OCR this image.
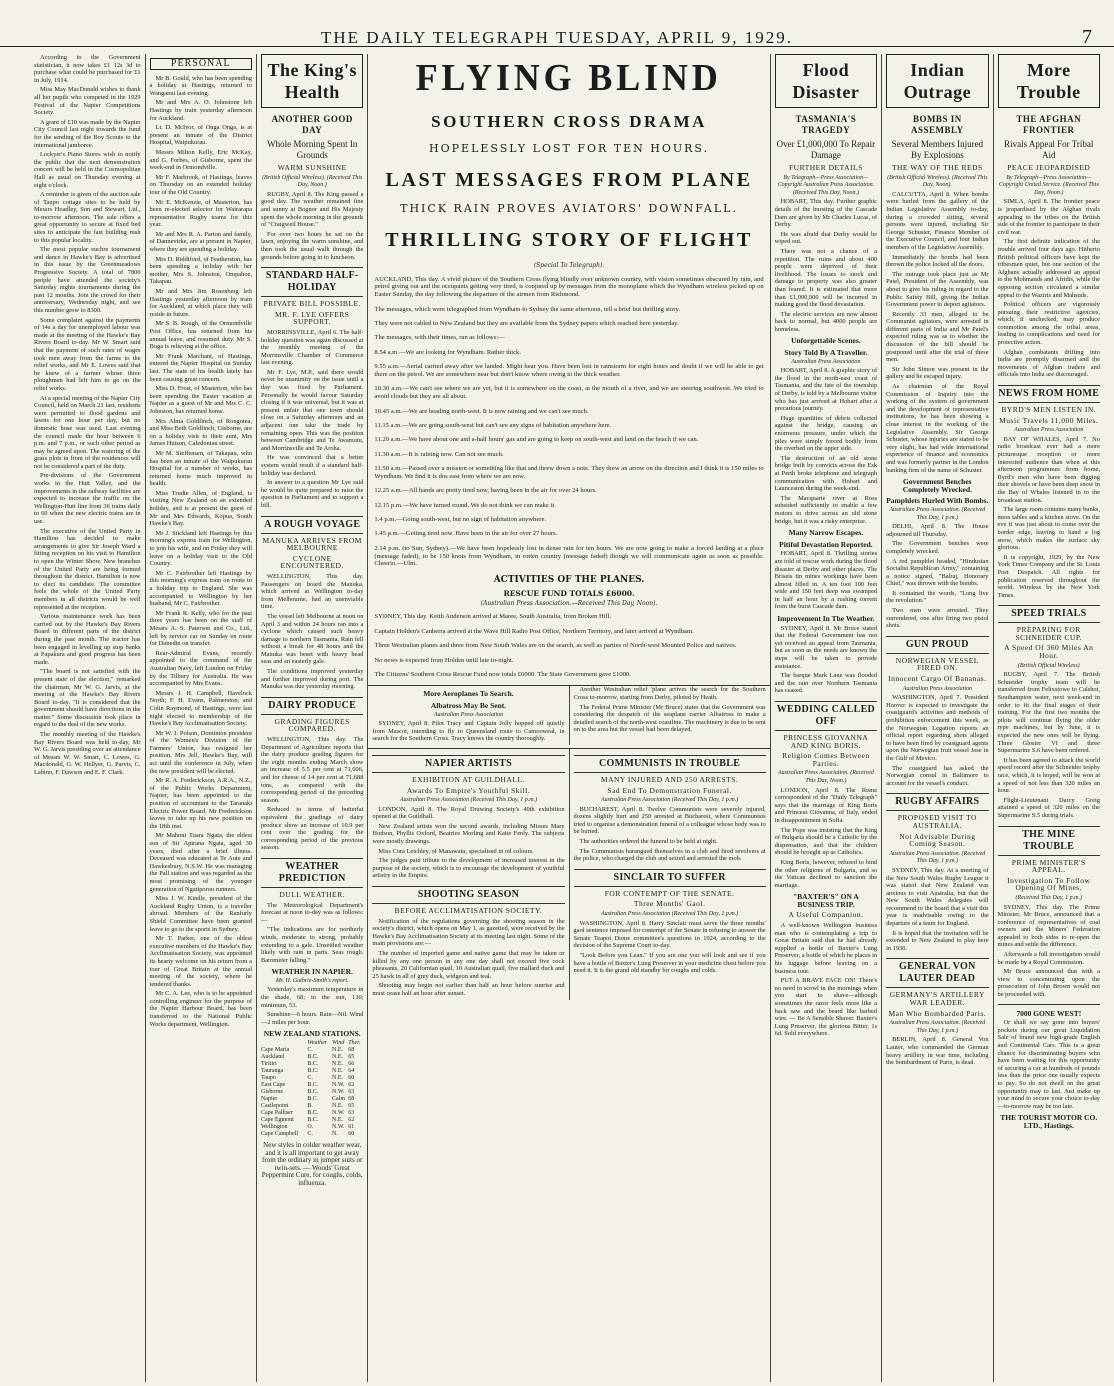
THE DAILY TELEGRAPH TUESDAY, APRIL 9, 1929.	7

According to the Government statistician, it now takes £1 12s 3d to purchase what could be purchased for £1 in July, 1914.

Miss May MacDonald wishes to thank all her pupils who competed in the 1929 Festival of the Napier Competitions Society.

A grant of £10 was made by the Napier City Council last night towards the fund for the sending of the Boy Scouts to the international jamboree.

Lockyer's Piano Stores wish to notify the public that the next demonstration concert will be held in the Cosmopolitan Hall as usual on Thursday evening at eight o'clock.

A reminder is given of the auction sale of Taupo cottage sites to be held by Messrs Hoadley, Son and Stewart, Ltd., to-morrow afternoon. The sale offers a great opportunity to secure at fixed bed sites to anticipate the fast building rush to this popular locality.

The most popular euchre tournament and dance in Hawke's Bay is advertised in this issue by the Greenmeadows Progressive Society. A total of 7800 people have attended the society's Saturday nights tournaments during the past 12 months. Join the crowd for their anniversary, Wednesday night, and see this number grow to 8300.

Some complaint against the payments of 14s a day for unemployed labour was made at the meeting of the Hawke's Bay Rivers Board to-day. Mr W. Smart said that the payment of such rates of wages took men away from the farms to the relief works, and Mr E. Lowes said that he knew of a farmer whose three ploughmen had left him to go on the relief works.

At a special meeting of the Napier City Council, held on March 21 last, residents were permitted to flood gardens and lawns for one hour per day, but no domestic hose was used. Last evening the council made the hour between 6 p.m. and 7 p.m., or such other period as may be agreed upon. The watering of the grass plots in front of the residences will not be considered a part of the duty.

Pre-divisions of the Government works in the Hutt Valley, and the improvements in the railway facilities are expected to increase the traffic on the Wellington-Hutt line from 36 trains daily to 60 when the new electric trains are in use.

The executive of the United Party in Hamilton has decided to make arrangements to give Sir Joseph Ward a fitting reception on his visit to Hamilton to open the Winter Show. New branches of the United Party are being formed throughout the district. Hamilton is now to elect its candidate. The committee feels the whole of the United Party members in all districts would be well represented at the reception.

Various maintenance work has been carried out by the Hawke's Bay Rivers Board in different parts of the district during the past month. The tractor has been engaged in levelling up stop banks at Papakura and good progress has been made.

"The board is not satisfied with the present state of the election," remarked the chairman, Mr W. G. Jarvis, at the meeting of the Hawke's Bay Rivers Board to-day. "It is considered that the government should have directions in the matter." Some discussion took place in regard to the deal of the new works.

The monthly meeting of the Hawke's Bay Rivers Board was held to-day, Mr W. G. Jarvis presiding over an attendance of Messrs W. W. Smart, C. Lowes, G. Macdonald, G. W. Hellyer, G. Parvis, C. Labino, F. Dawson and E. F. Clark.

PERSONAL

Mr B. Gould, who has been spending a holiday at Hastings, returned to Wanganui last evening.

Mr and Mrs A. O. Johnstone left Hastings by train yesterday afternoon for Auckland.

Lt. D. McIvor, of Onga Onga, is at present an inmate of the District Hospital, Waipukurau.

Messrs Milton Kelly, Eric McKay, and G. Forbes, of Gisborne, spent the week-end in Ormondville.

Mr F. Marbrook, of Hastings, leaves on Thursday on an extended holiday tour of the Old Country.

Mr E. McKenzie, of Masterton, has been re-elected selector for Wairarapa representative Rugby teams for this year.

Mr and Mrs R. A. Parton and family, of Dannevirke, are at present in Napier, where they are spending a holiday.

Mrs D. Riddiford, of Featherston, has been spending a holiday with her mother, Mrs S. Johnston, Ompahoe, Takapau.

Mr and Mrs Jim Rosenberg left Hastings yesterday afternoon by train for Auckland, at which place they will reside in future.

Mr S. B. Rough, of the Ormondville Post Office, has returned from his annual leave, and resumed duty. Mr S. Boga is relieving at the office.

Mr Frank Marchant, of Hastings, entered the Napier Hospital on Sunday last. The state of his health lately has been causing great concern.

Miss D. Frost, of Masterton, who has been spending the Easter vacation at Napier as a guest of Mr and Mrs C. C. Johnston, has returned home.

Mrs Alma Goldfinch, of Rongotea, and Miss Beth Goldfinch, Gisborne, are on a holiday visit to their aunt, Mrs James Hutson, Caledonian street.

Mr M. Steffensen, of Takapau, who has been an inmate of the Waipukurau Hospital for a number of weeks, has returned home much improved in health.

Miss Trudie Allen, of England, is visiting New Zealand on an extended holiday, and is at present the guest of Mr and Mrs Edwards, Kopua, South Hawke's Bay.

Mr J. Stickland left Hastings by this morning's express train for Wellington, to join his wife, and on Friday they will leave on a holiday visit to the Old Country.

Mr C. Fairbrother left Hastings by this morning's express train on route to a holiday trip to England. She was accompanied to Wellington by her husband, Mr C. Fairbrother.

Mr Frank R. Kelly, who for the past three years has been on the staff of Messrs A. S. Paterson and Co., Ltd., left by service car on Sunday en route for Dunedin on transfer.

Rear-Admiral Evans, recently appointed to the command of the Australian Navy, left London on Friday by the Tilbury for Australia. He was accompanied by Mrs Evans.

Messrs J. H. Campbell, Havelock North; F. H. Evans, Palmerston, and Colin Raymond, of Hastings, were last night elected to membership of the Hawke's Bay Acclimatisation Society.

Mr W. J. Polson, Dominion president of the Women's Division of the Farmers' Union, has resigned her position. Mrs Jell, Hawke's Bay, will act until the conference in July, when the new president will be elected.

Mr R. A. Frederickson, A.R.A., N.Z., of the Public Works Department, Napier, has been appointed to the position of accountant to the Taranaki Electric Power Board. Mr Frederickson leaves to take up his new position on the 18th inst.

Mr Mahoni Tuara Ngata, the eldest son of Sir Apirana Ngata, aged 30 years, died after a brief illness. Deceased was educated at Te Aute and Hawkesbury, N.S.W. He was managing the Pall station and was regarded as the most promising of the younger generation of Ngatiporou runners.

Miss J. W. Kindle, president of the Auckland Rugby Union, is a traveller abroad. Members of the Ranfurly Shield Committee have been granted leave to go to the sports in Sydney.

Mr T. Parker, one of the oldest executive members of the Hawke's Bay Acclimatisation Society, was appointed its hearty welcome on his return from a tour of Great Britain at the annual meeting of the society, where he tendered thanks.

Mr C. A. Lee, who is to be appointed controlling engineer for the purpose of the Napier Harbour Board, has been transferred to the National Public Works department, Wellington.

The King's Health
ANOTHER GOOD DAY
Whole Morning Spent In Grounds
WARM SUNSHINE
(British Official Wireless). (Received This Day, Noon.)

RUGBY, April 8. The King passed a good day. The weather remained fine and sunny at Bognor and His Majesty spent the whole morning in the grounds of "Craigweil House."

For over two hours he sat on the lawn, enjoying the warm sunshine, and then took the usual walk through the grounds before going in to luncheon.

STANDARD HALF-HOLIDAY
PRIVATE BILL POSSIBLE.
MR. F. LYE OFFERS SUPPORT.

MORRINSVILLE, April 6. The half-holiday question was again discussed at the monthly meeting of the Morrinsville Chamber of Commerce last evening.

Mr F. Lye, M.P., said there would never be unanimity on the issue until a day was fixed by Parliament. Personally he would favour Saturday closing if it was universal, but it was at present unfair that one town should close on a Saturday afternoon and an adjacent one take the trade by remaining open. This was the position between Cambridge and Te Awamutu, and Morrinsville and Te Aroha.

He was convinced that a better system would result if a standard half-holiday was declared.

In answer to a question Mr Lye said he would be quite prepared to raise the question in Parliament and to support a bill.

A ROUGH VOYAGE
MANUKA ARRIVES FROM MELBOURNE
CYCLONE ENCOUNTERED.

WELLINGTON, This day. Passengers on board the Manuka, which arrived at Wellington to-day from Melbourne, had an unenviable time.

The vessel left Melbourne at noon on April 3 and within 24 hours ran into a cyclone which caused such heavy damage to northern Tasmania. Rain fell without a break for 48 hours and the Manuka was beset with heavy head seas and an easterly gale.

The conditions improved yesterday and further improved during port. The Manuka was due yesterday morning.

DAIRY PRODUCE
GRADING FIGURES COMPARED.

WELLINGTON, This day. The Department of Agriculture reports that the dairy produce grading figures for the eight months ending March show an increase of 5.5 per cent at 71,606, and for cheese of 14 per cent at 71,688 tons, as compared with the corresponding period of the preceding season.

Reduced to terms of butterfat equivalent the gradings of dairy produce show an increase of 10.9 per cent over the grading for the corresponding period of the previous season.

WEATHER PREDICTION
DULL WEATHER.

The Meteorological Department's forecast at noon to-day was as follows:—

"The indications are for northerly winds, moderate to strong, probably extending to a gale. Unsettled weather likely with rain in parts. Seas rough. Barometer falling."

WEATHER IN NAPIER.
Mr. H. Guthrie-Smith's report.

Yesterday's maximum temperature in the shade, 68; in the sun, 130; minimum, 53.

Sunshine—6 hours. Rain—Nil. Wind—2 miles per hour.

NEW ZEALAND STATIONS.
	Weather	Wind	Ther.
Cape Maria	C.	N.E.	68
Auckland	B.C.	N.E.	65
Tiritiri	B.C.	N.E.	66
Tauranga	B.C.	N.E.	64
Taupo	C.	N.E.	60
East Cape	B.C.	N.W.	62
Gisborne	B.C.	N.W.	63
Napier	B.C.	Calm	68
Castlepoint	B.	N.E.	65
Cape Palliser	B.C.	N.W.	63
Cape Egmont	B.C.	N.E.	62
Wellington	O.	N.W.	61
Cape Campbell	C.	N.	60
New styles in colder weather wear, and it is all important to get away from the ordinary in jumper suits or twin-sets. — Woods' Great Peppermint Cure, for coughs, colds, influenza.
FLYING BLIND
SOUTHERN CROSS DRAMA
HOPELESSLY LOST FOR TEN HOURS.
LAST MESSAGES FROM PLANE
THICK RAIN PROVES AVIATORS' DOWNFALL.
THRILLING STORY OF FLIGHT
(Special To Telegraph).

AUCKLAND, This day. A vivid picture of the Southern Cross flying blindly over unknown country, with vision sometimes obscured by rain, and petrol giving out and the occupants getting very tired, is conjured up by messages from the monoplane which the Wyndham wireless picked up on Easter Sunday, the day following the departure of the airmen from Richmond.

The messages, which were telegraphed from Wyndham to Sydney the same afternoon, tell a brief but thrilling story.

They were not cabled to New Zealand but they are available from the Sydney papers which reached here yesterday.

The messages, with their times, ran as follows:—

8.54 a.m.—We are looking for Wyndham. Rather thick.

9.55 a.m.—Aerial carried away after we landed. Might hear you. Have been lost in rainstorm for eight hours and doubt if we will be able to get there on the petrol. We are somewhere near but don't know where owing to the thick weather.

10.30 a.m.—We can't see where we are yet, but it is somewhere on the coast, at the mouth of a river, and we are steering southwest. We tried to avoid clouds but they are all about.

10.45 a.m.—We are heading north-west. It is now raining and we can't see much.

11.15 a.m.—We are going south-west but can't see any signs of habitation anywhere here.

11.20 a.m.—We have about one and a-half hours' gas and are going to keep on south-west and land on the beach if we can.

11.30 a.m.—It is raining now. Can not see much.

11.50 a.m.—Passed over a mission or something like that and threw down a note. They drew an arrow on the direction and I think it is 150 miles to Wyndham. We find it is dos east from where we are now.

12.25 a.m.—All hands are pretty tired now, having been in the air for over 24 hours.

12.15 p.m.—We have turned round. We do not think we can make it.

1.4 p.m.—Going south-west, but no sign of habitation anywhere.

1.45 p.m.—Getting tired now. Have been in the air for over 27 hours.

2.14 p.m. (to Sun, Sydney).—We have been hopelessly lost in dense rain for ten hours. We are now going to make a forced landing at a place (message faded), to be 150 knots from Wyndham, in rotten country (message faded) though we will communicate again as soon as possible. Cheerio.—Ulm.

ACTIVITIES OF THE PLANES.
RESCUE FUND TOTALS £6000.
(Australian Press Association.—Received This Day, Noon).

SYDNEY, This day. Keith Anderson arrived at Maree, South Australia, from Broken Hill.

Captain Holden's Canberra arrived at the Wave Hill Radio Post Office, Northern Territory, and later arrived at Wyndham.

Three Westralian planes and three from New South Wales are on the search, as well as parties of North-west Mounted Police and natives.

No news is expected from Holden until late to-night.

The Citizens' Southern Cross Rescue Fund now totals £6000. The State Government gave £1000.

More Aeroplanes To Search.
Albatross May Be Sent.
Australian Press Association

SYDNEY, April 8. Pilot Tracy and Captain Jolly hopped off quietly from Mascot, intending to fly to Queensland route to Camooweal, in search for the Southern Cross. Tracy knows the country thoroughly.

Another Westralian relief 'plane arrives the search for the Southern Cross to-morrow, starting from Derby, piloted by Heath.

The Federal Prime Minister (Mr Bruce) states that the Government was considering the despatch of the seaplane carrier Albatross to make a detailed search of the north-west coastline. The machinery is due to be sent on to the area but the vessel had been delayed.

NAPIER ARTISTS
EXHIBITION AT GUILDHALL.
Awards To Empire's Youthful Skill.
Australian Press Association (Received This Day, 1 p.m.)

LONDON, April 8. The Royal Drawing Society's 40th exhibition opened at the Guildhall.

New Zealand artists won the second awards, including Misses Mary Hodson, Phyllis Oxford, Beatrice Morling and Katie Fenly. The subjects were mostly drawings.

Miss Cora Leichley, of Manawatu, specialised in oil colours.

The judges paid tribute to the development of increased interest in the purpose of the society, which is to encourage the development of youthful artistry in the Empire.

SHOOTING SEASON
BEFORE ACCLIMATISATION SOCIETY.

Notification of the regulations governing the shooting season in the society's district, which opens on May 1, as gazetted, were received by the Hawke's Bay Acclimatisation Society at its meeting last night. Some of the main provisions are:—

The number of imported game and native game that may be taken or killed by any one person in any one day shall not exceed five cock pheasants, 20 Californian quail, 10 Australian quail, five mallard duck and 25 hawk in all of grey duck, widgeon and teal.

Shooting may begin not earlier than half an hour before sunrise and must cease half an hour after sunset.

COMMUNISTS IN TROUBLE
MANY INJURED AND 250 ARRESTS.
Sad End To Demonstration Funeral.
Australian Press Association (Received This Day, 1 p.m.)

BUCHAREST, April 8. Twelve Communists were severely injured, dozens slightly hurt and 250 arrested at Bucharest, where Communists tried to organise a demonstration funeral of a colleague whose body was to be buried.

The authorities ordered the funeral to be held at night.

The Communists harangued themselves in a club and fired revolvers at the police, who charged the club and seized and arrested the mob.

SINCLAIR TO SUFFER
FOR CONTEMPT OF THE SENATE.
Three Months' Gaol.
Australian Press Association (Received This Day, 1 p.m.)

WASHINGTON, April 8. Harry Sinclair must serve the three months' gaol sentence imposed for contempt of the Senate in refusing to answer the Senate Teapot Dome committee's questions in 1924, according to the decision of the Supreme Court to-day.

"Look Before you Lean." If you are one you will look and see if you have a bottle of Baxter's Lung Preserver in your medicine chest before you need it. It is the grand old standby for coughs and colds.

Flood Disaster
TASMANIA'S TRAGEDY
Over £1,000,000 To Repair Damage
FURTHER DETAILS
By Telegraph—Press Association—Copyright Australian Press Association. (Received This Day, Noon.)

HOBART, This day. Further graphic details of the bursting of the Cascade Dam are given by Mr Charles Lucas, of Derby.

He was afraid that Derby would be wiped out.

There was not a chance of a repetition. The ruins and about 400 people were deprived of their livelihood. The losses to stock and damage to property was also greater than feared. It is estimated that more than £1,000,000 will be incurred in making good the flood devastation.

The electric services are now almost back to normal, but 4000 people are homeless.

Unforgettable Scenes.
Story Told By A Traveller.
Australian Press Association

HOBART, April 8. A graphic story of the flood in the north-east coast of Tasmania, and the fate of the township of Derby, is told by a Melbourne visitor who has just arrived at Hobart after a precarious journey.

Huge quantities of debris collected against the bridge, causing an enormous pressure, under which the piles were simply forced bodily from the riverbed on the upper side.

The destruction of an old stone bridge built by convicts across the Esk at Perth broke telephone and telegraph communication with Hobart and Launceston during the week-end.

The Macquarie river at Ross subsided sufficiently to enable a few motors to drive across an old stone bridge, but it was a risky enterprise.

Many Narrow Escapes.
Pitiful Devastation Reported.

HOBART, April 8. Thrilling stories are told of rescue work during the flood disaster at Derby and other places. The Briseis tin mines workings have been almost filled in. A ten foot 100 feet wide and 150 feet deep was swamped in half an hour by a rushing torrent from the burst Cascade dam.

Improvement In The Weather.

SYDNEY, April 8. Mr Bruce stated that the Federal Government has not yet received an appeal from Tasmania, but as soon as the needs are known the steps will be taken to provide assistance.

The barque Mark Lane was flooded and the rain over Northern Tasmania has ceased.

WEDDING CALLED OFF
PRINCESS GIOVANNA AND KING BORIS.
Religion Comes Between Parties.
Australian Press Association. (Received This Day, Noon.)

LONDON, April 8. The Rome correspondent of the "Daily Telegraph" says that the marriage of King Boris and Princess Giovanna, of Italy, ended in disappointment in Sofia.

The Pope was insisting that the King of Bulgaria should be a Catholic by the dispensation, and that the children should be brought up as Catholics.

King Boris, however, refused to bind the other religions of Bulgaria, and so the Vatican declined to sanction the marriage.

"BAXTER'S" ON A BUSINESS TRIP.
A Useful Companion.

A well-known Wellington business man who is contemplating a trip to Great Britain said that he had already supplied a bottle of Baxter's Lung Preserver, a bottle of which he places in his luggage before leaving on a business tour.

PUT A BRAVE FACE ON! There's no need to scowl in the mornings when you start to shave—although sometimes the razor feels more like a back saw and the beard like barbed wire. — Be A Sensible Shaver. Baxter's Lung Preserver, the glorious Bitter, 1s 6d. Sold everywhere.

Indian Outrage
BOMBS IN ASSEMBLY
Several Members Injured By Explosions
THE WAY OF THE REDS
(British Official Wireless). (Received This Day, Noon).

CALCUTTA, April 8. When bombs were hurled from the gallery of the Indian Legislative Assembly to-day, during a crowded sitting, several persons were injured, including Sir George Schuster, Finance Member of the Executive Council, and four Indian members of the Legislative Assembly.

Immediately the bombs had been thrown the police locked all the doors.

The outrage took place just as Mr Patel, President of the Assembly, was about to give his ruling in regard to the Public Safety Bill, giving the Indian Government power to deport agitators.

Recently 33 men, alleged to be Communist agitators, were arrested in different parts of India and Mr Patel's expected ruling was as to whether the discussion of the bill should be postponed until after the trial of these men.

Sir John Simon was present in the gallery and he escaped injury.

As chairman of the Royal Commission of Inquiry into the working of the system of government and the development of representative institutions, he has been showing a close interest in the working of the Legislative Assembly. Sir George Schuster, whose injuries are stated to be very slight, has had wide international experience of finance and economics and was formerly partner in the London banking firm of the name of Schuster.

Government Benches Completely Wrecked.
Pamphlets Hurled With Bombs.
Australian Press Association. (Received This Day, 1 p.m.)

DELHI, April 8. The House adjourned till Thursday.

The Government benches were completely wrecked.

A red pamphlet headed, "Hindustan Socialist Republican Army," containing a notice signed, "Balraj, Honorary Chief," was thrown with the bombs.

It contained the words, "Long live the revolution."

Two men were arrested. They surrendered, one after firing two pistol shots.

GUN PROUD
NORWEGIAN VESSEL FIRED ON.
Innocent Cargo Of Bananas.
Australian Press Association

WASHINGTON, April 7. President Hoover is expected to investigate the coastguard's activities and methods of prohibition enforcement this week, as the Norwegian Legation reports an official report regarding shots alleged to have been fired by coastguard agents upon the Norwegian fruit vessel Jose in the Gulf of Mexico.

The coastguard has asked the Norwegian consul in Baltimore to account for the vessel's conduct.

RUGBY AFFAIRS
PROPOSED VISIT TO AUSTRALIA.
Not Advisable During Coming Season.
Australian Press Association. (Received This Day, 1 p.m.)

SYDNEY, This day. At a meeting of the New South Wales Rugby League it was stated that New Zealand was anxious to visit Australia, but that the New South Wales delegates will recommend to the board that a visit this year is inadvisable owing to the departure of a team for England.

It is hoped that the invitation will be extended to New Zealand to play here in 1930.

GENERAL VON LAUTER DEAD
GERMANY'S ARTILLERY WAR LEADER.
Man Who Bombarded Paris.
Australian Press Association. (Received This Day, 1 p.m.)

BERLIN, April 8. General Von Lauter, who commanded the German heavy artillery in war time, including the bombardment of Paris, is dead.

More Trouble
THE AFGHAN FRONTIER
Rivals Appeal For Tribal Aid
PEACE JEOPARDISED
By Telegraph—Press Association—Copyright United Service. (Received This Day, Noon.)

SIMLA, April 8. The frontier peace is jeopardised by the Afghan rivals appealing to the tribes on the British side of the frontier to participate in their civil war.

The first definite indication of the trouble arrived four days ago. Hitherto British political officers have kept the tribesmen quiet, but one section of the Afghans actually addressed an appeal to the Mohmands and Afridis, while the opposing section circulated a similar appeal to the Waziris and Mahsuds.

Political officers are vigorously pursuing their restrictive agencies, which, if unchecked, may produce commotion among the tribal areas, leading to complications and need for protective action.

Afghan combatants drifting into India are promptly disarmed and the movements of Afghan traders and officials into India are discouraged.

NEWS FROM HOME
BYRD'S MEN LISTEN IN.
Music Travels 11,000 Miles.
Australian Press Association

BAY OF WHALES, April 7. No radio broadcast ever had a more picturesque reception or more interested audience than when at this afternoon programmes from home, Byrd's men who have been digging their shovels or have been deep snow in the Bay of Whales listened in to the broadcast station.

The large room contains many bunks, mess tables and a kitchen stove. On the eve it was just about to come over the border edge, leaving to hand a log snow, which makes the surface sky glorious.

It is copyright, 1929, by the New York Times Company and the St. Louis Post Despatch. All rights for publication reserved throughout the world. Wireless by the New York Times.

SPEED TRIALS
PREPARING FOR SCHNEIDER CUP.
A Speed Of 360 Miles An Hour.
(British Official Wireless)

RUGBY, April 7. The British Schneider trophy team will be transferred from Felixstowe to Calshot, Southampton water, next week-end in order to fit the final stages of their training. For the first two months the pilots will continue flying the older type machines, but by June, it is expected the new ones will be flying. Three Gloster VI and three Supermarine S.6 have been ordered.

It has been agreed to attack the world speed record after the Schneider trophy race, which, it is hoped, will be won at a speed of not less than 320 miles an hour.

Flight-Lieutenant Darcy Greig attained a speed of 320 miles on the Supermarine S.5 during trials.

THE MINE TROUBLE
PRIME MINISTER'S APPEAL.
Investigation To Follow Opening Of Mines.
(Received This Day, 1 p.m.)

SYDNEY, This day. The Prime Minister, Mr Bruce, announced that a conference of representatives of coal owners and the Miners' Federation appealed to both sides to re-open the mines and settle the difference.

Afterwards a full investigation would be made by a Royal Commission.

Mr Bruce announced that with a view to concentrating upon the prosecution of John Brown would not be proceeded with.

7000 GONE WEST!

Or shall we say gone into buyers' pockets during our great Liquidation Sale of brand new high-grade English and Continental Cars. This is a great chance for discriminating buyers who have been waiting for this opportunity of securing a car at hundreds of pounds less than the price one usually expects to pay. So do not dwell on the great opportunity may to last. Just make up your mind to secure your choice to-day—to-morrow may be too late.

THE TOURIST MOTOR CO. LTD., Hastings.
